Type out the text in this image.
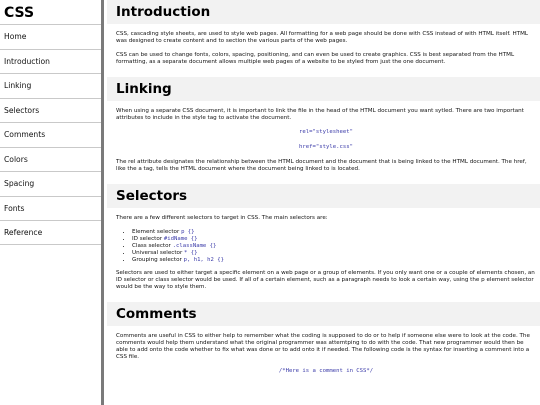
CSS
Home
Introduction
Linking
Selectors
Comments
Colors
Spacing
Fonts
Reference
Introduction

CSS, cascading style sheets, are used to style web pages. All formatting for a web page should be done with CSS instead of with HTML itself. HTML was designed to create content and to section the various parts of the web pages.

CSS can be used to change fonts, colors, spacing, positioning, and can even be used to create graphics. CSS is best separated from the HTML formatting, as a separate document allows multiple web pages of a website to be styled from just the one document.

Linking

When using a separate CSS document, it is important to link the file in the head of the HTML document you want sytled. There are two important attributes to include in the style tag to activate the document.

rel="stylesheet"
href="style.css"

The rel attribute designates the relationship between the HTML document and the document that is being linked to the HTML document. The href, like the a tag, tells the HTML document where the document being linked to is located.

Selectors

There are a few different selectors to target in CSS. The main selectors are:

• Element selector p {}
• ID selector #idName {}
• Class selector .className {}
• Universal selector * {}
• Grouping selector p, h1, h2 {}

Selectors are used to either target a specific element on a web page or a group of elements. If you only want one or a couple of elements chosen, an ID selector or class selector would be used. If all of a certain element, such as a paragraph needs to look a certain way, using the p element selector would be the way to style them.

Comments

Comments are useful in CSS to either help to remember what the coding is supposed to do or to help if someone else were to look at the code. The comments would help them understand what the original programmer was attemtping to do with the code. That new programmer would then be able to add onto the code whether to fix what was done or to add onto it if needed. The following code is the syntax for inserting a comment into a CSS file.

/*Here is a comment in CSS*/
